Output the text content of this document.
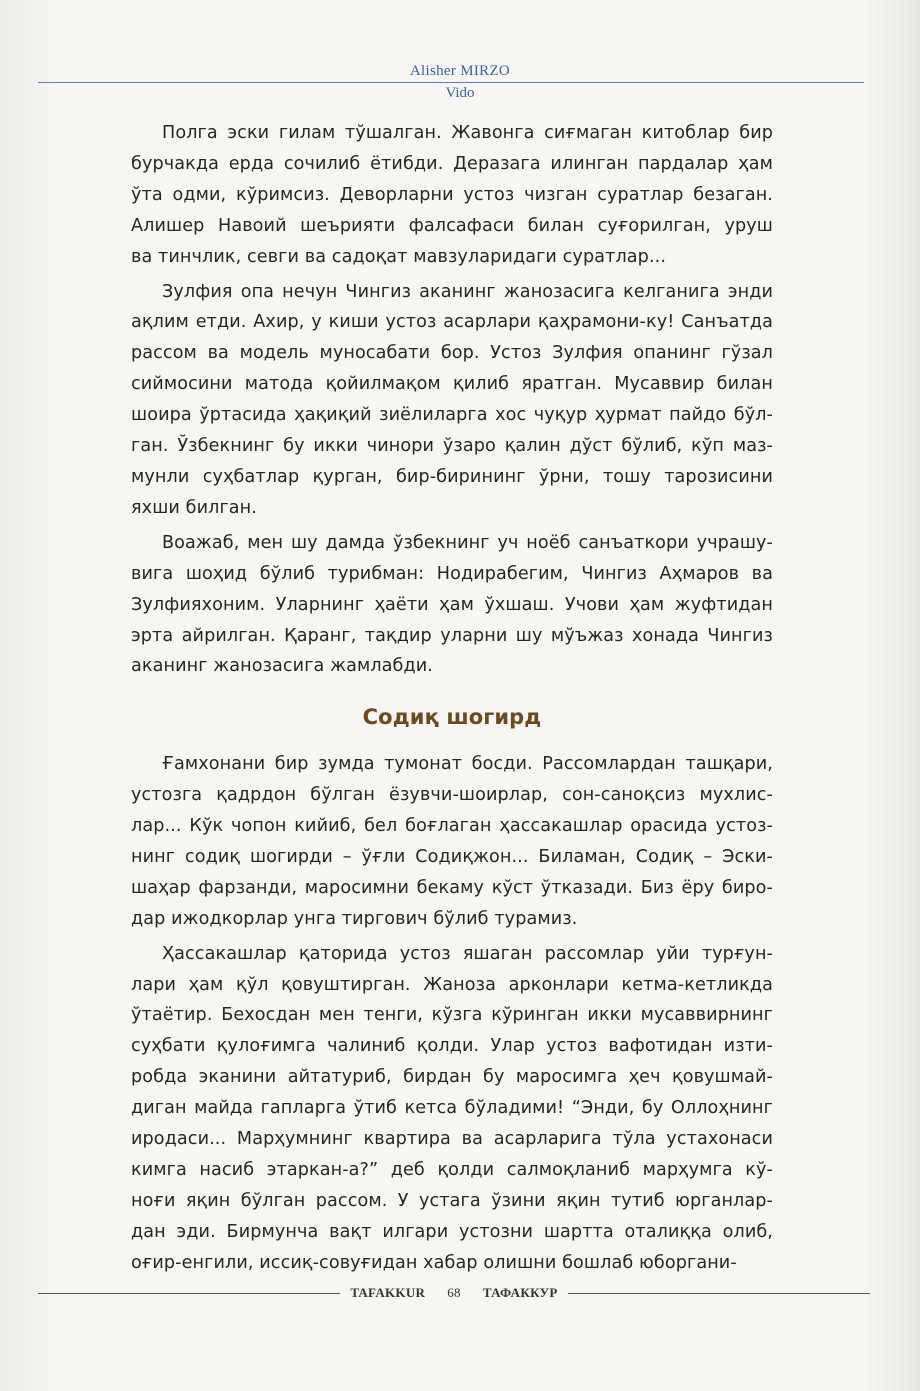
Alisher MIRZO
Vido
Полга эски гилам тўшалган. Жавонга сиғмаган китоблар бир
бурчакда ерда сочилиб ётибди. Деразага илинган пардалар ҳам
ўта одми, кўримсиз. Деворларни устоз чизган суратлар безаган.
Алишер Навоий шеърияти фалсафаси билан суғорилган, уруш
ва тинчлик, севги ва садоқат мавзуларидаги суратлар...
Зулфия опа нечун Чингиз аканинг жанозасига келганига энди
ақлим етди. Ахир, у киши устоз асарлари қаҳрамони-ку! Санъатда
рассом ва модель муносабати бор. Устоз Зулфия опанинг гўзал
сиймосини матода қойилмақом қилиб яратган. Мусаввир билан
шоира ўртасида ҳақиқий зиёлиларга хос чуқур ҳурмат пайдо бўл-
ган. Ўзбекнинг бу икки чинори ўзаро қалин дўст бўлиб, кўп маз-
мунли суҳбатлар қурган, бир-бирининг ўрни, тошу тарозисини
яхши билган.
Воажаб, мен шу дамда ўзбекнинг уч ноёб санъаткори учрашу-
вига шоҳид бўлиб турибман: Нодирабегим, Чингиз Аҳмаров ва
Зулфияхоним. Уларнинг ҳаёти ҳам ўхшаш. Учови ҳам жуфтидан
эрта айрилган. Қаранг, тақдир уларни шу мўъжаз хонада Чингиз
аканинг жанозасига жамлабди.
Содиқ шогирд
Ғамхонани бир зумда тумонат босди. Рассомлардан ташқари,
устозга қадрдон бўлган ёзувчи-шоирлар, сон-саноқсиз мухлис-
лар... Кўк чопон кийиб, бел боғлаган ҳассакашлар орасида устоз-
нинг содиқ шогирди – ўғли Содиқжон... Биламан, Содиқ – Эски-
шаҳар фарзанди, маросимни бекаму кўст ўтказади. Биз ёру биро-
дар ижодкорлар унга тиргович бўлиб турамиз.
Ҳассакашлар қаторида устоз яшаган рассомлар уйи турғун-
лари ҳам қўл қовуштирган. Жаноза арконлари кетма-кетликда
ўтаётир. Бехосдан мен тенги, кўзга кўринган икки мусаввирнинг
суҳбати қулоғимга чалиниб қолди. Улар устоз вафотидан изти-
робда эканини айтатуриб, бирдан бу маросимга ҳеч қовушмай-
диган майда гапларга ўтиб кетса бўладими! “Энди, бу Оллоҳнинг
иродаси... Марҳумнинг квартира ва асарларига тўла устахонаси
кимга насиб этаркан-а?” деб қолди салмоқланиб марҳумга кў-
ноғи яқин бўлган рассом. У устага ўзини яқин тутиб юрганлар-
дан эди. Бирмунча вақт илгари устозни шартта оталиққа олиб,
оғир-енгили, иссиқ-совуғидан хабар олишни бошлаб юборгани-
TAFAKKUR	68	ТАФАККУР
